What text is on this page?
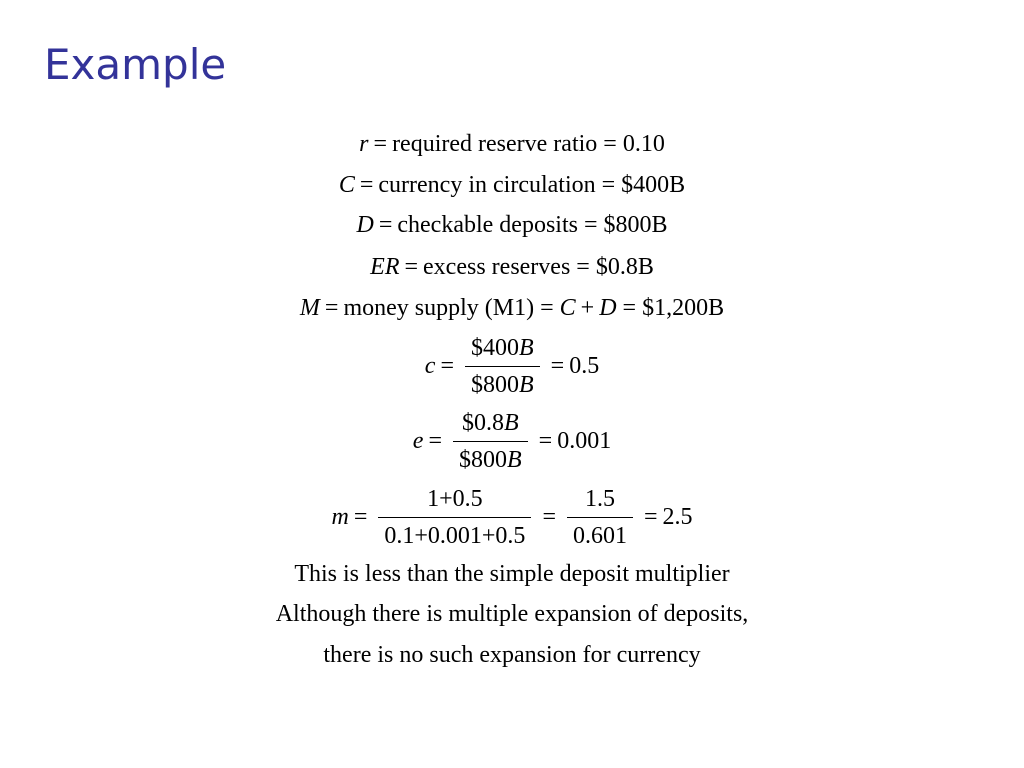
Example
r = required reserve ratio = 0.10
C = currency in circulation = $400B
D = checkable deposits = $800B
ER = excess reserves = $0.8B
M = money supply (M1) = C + D = $1,200B
$c = \frac{\$400B}{\$800B} = 0.5$
$e = \frac{\$0.8B}{\$800B} = 0.001$
$m = \frac{1+0.5}{0.1+0.001+0.5} = \frac{1.5}{0.601} = 2.5$
This is less than the simple deposit multiplier
Although there is multiple expansion of deposits,
there is no such expansion for currency
